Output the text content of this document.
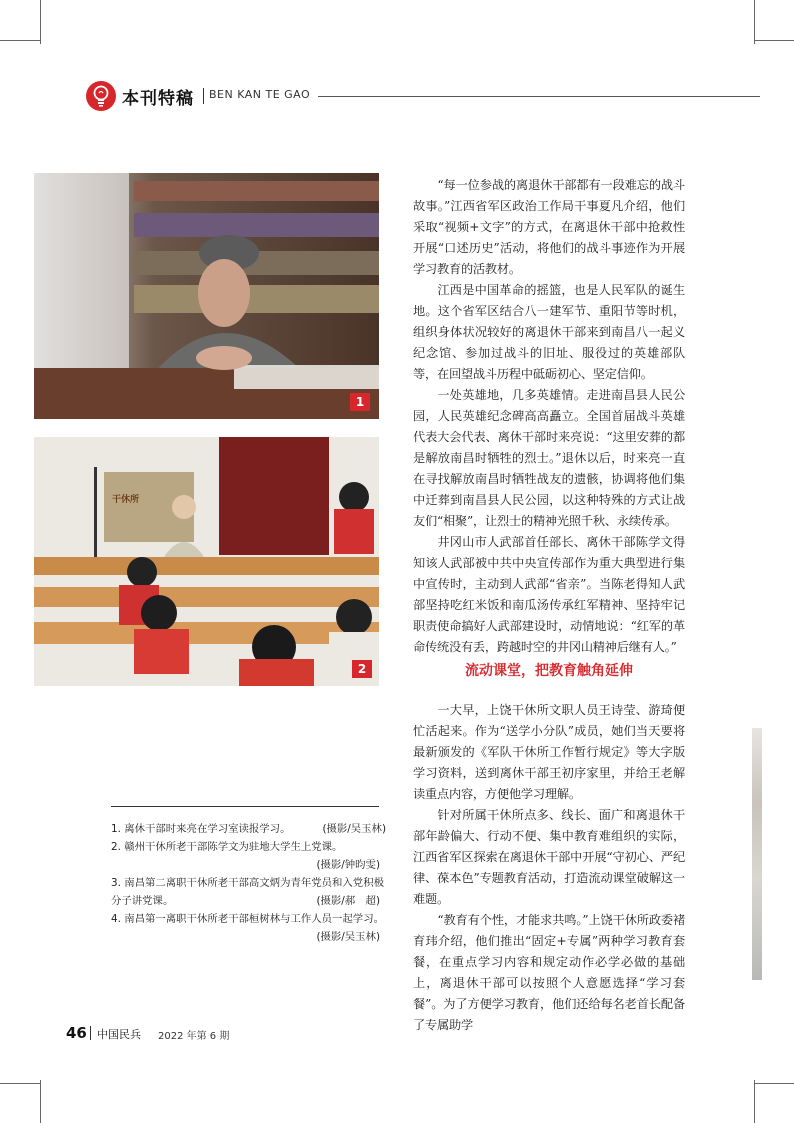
本刊特稿 BEN KAN TE GAO
1
干休所
2
1. 离休干部时来亮在学习室读报学习。	(摄影/吴玉林)
2. 赣州干休所老干部陈学文为驻地大学生上党课。
(摄影/钟昀雯)
3. 南昌第二离职干休所老干部高文炳为青年党员和入党积极分子讲党课。	(摄影/郝　超)
4. 南昌第一离职干休所老干部桓树林与工作人员一起学习。
(摄影/吴玉林)

“每一位参战的离退休干部都有一段难忘的战斗故事。”江西省军区政治工作局干事夏凡介绍，他们采取“视频+文字”的方式，在离退休干部中抢救性开展“口述历史”活动，将他们的战斗事迹作为开展学习教育的活教材。

江西是中国革命的摇篮，也是人民军队的诞生地。这个省军区结合八一建军节、重阳节等时机，组织身体状况较好的离退休干部来到南昌八一起义纪念馆、参加过战斗的旧址、服役过的英雄部队等，在回望战斗历程中砥砺初心、坚定信仰。

一处英雄地，几多英雄情。走进南昌县人民公园，人民英雄纪念碑高高矗立。全国首届战斗英雄代表大会代表、离休干部时来亮说：“这里安葬的都是解放南昌时牺牲的烈士。”退休以后，时来亮一直在寻找解放南昌时牺牲战友的遗骸，协调将他们集中迁葬到南昌县人民公园，以这种特殊的方式让战友们“相聚”，让烈士的精神光照千秋、永续传承。

井冈山市人武部首任部长、离休干部陈学文得知该人武部被中共中央宣传部作为重大典型进行集中宣传时，主动到人武部“省亲”。当陈老得知人武部坚持吃红米饭和南瓜汤传承红军精神、坚持牢记职责使命搞好人武部建设时，动情地说：“红军的革命传统没有丢，跨越时空的井冈山精神后继有人。”

流动课堂，把教育触角延伸

一大早，上饶干休所文职人员王诗莹、游琦便忙活起来。作为“送学小分队”成员，她们当天要将最新颁发的《军队干休所工作暂行规定》等大字版学习资料，送到离休干部王初序家里，并给王老解读重点内容，方便他学习理解。

针对所属干休所点多、线长、面广和离退休干部年龄偏大、行动不便、集中教育难组织的实际，江西省军区探索在离退休干部中开展“守初心、严纪律、葆本色”专题教育活动，打造流动课堂破解这一难题。

“教育有个性，才能求共鸣。”上饶干休所政委褚育玮介绍，他们推出“固定+专属”两种学习教育套餐，在重点学习内容和规定动作必学必做的基础上，离退休干部可以按照个人意愿选择“学习套餐”。为了方便学习教育，他们还给每名老首长配备了专属助学

46 中国民兵 2022 年第 6 期
